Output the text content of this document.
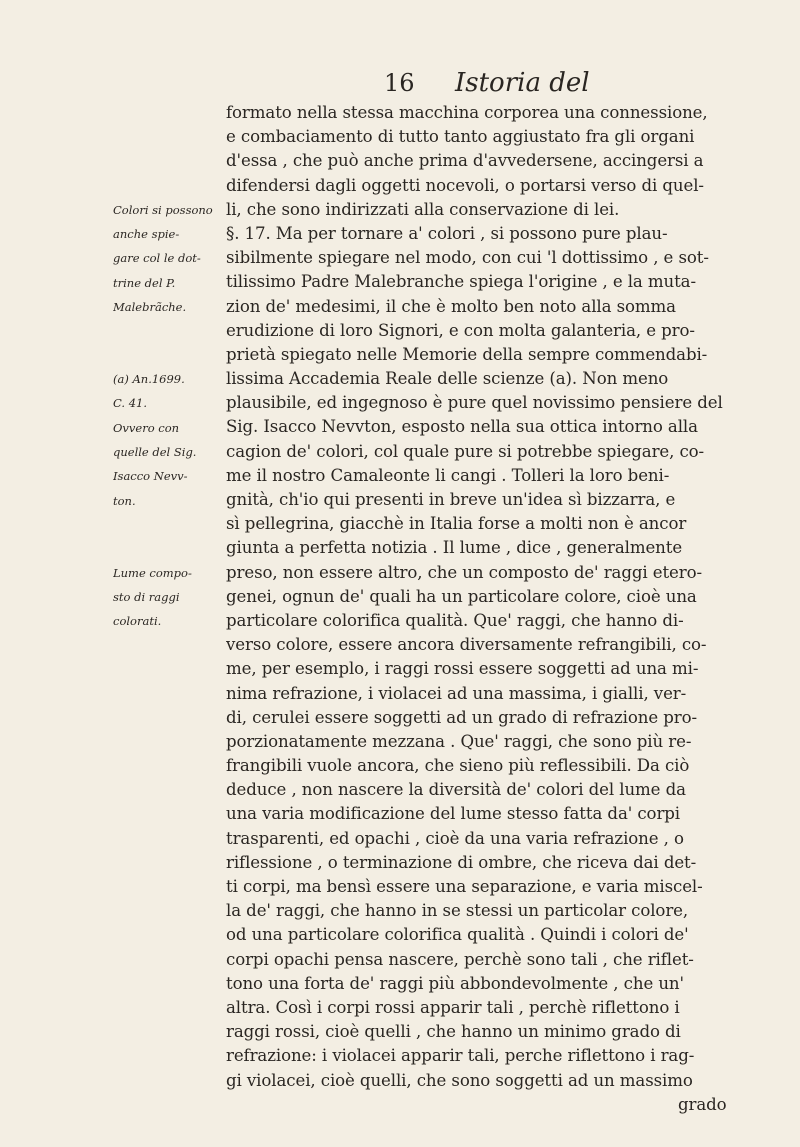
16 Istoria del
formato nella stessa macchina corporea una connessione,
e combaciamento di tutto tanto aggiustato fra gli organi
d'essa , che può anche prima d'avvedersene, accingersi a
difendersi dagli oggetti nocevoli, o portarsi verso di quel-
li, che sono indirizzati alla conservazione di lei.
§. 17. Ma per tornare a' colori , si possono pure plau-
sibilmente spiegare nel modo, con cui 'l dottissimo , e sot-
tilissimo Padre Malebranche spiega l'origine , e la muta-
zion de' medesimi, il che è molto ben noto alla somma
erudizione di loro Signori, e con molta galanteria, e pro-
prietà spiegato nelle Memorie della sempre commendabi-
lissima Accademia Reale delle scienze (a). Non meno
plausibile, ed ingegnoso è pure quel novissimo pensiere del
Sig. Isacco Nevvton, esposto nella sua ottica intorno alla
cagion de' colori, col quale pure si potrebbe spiegare, co-
me il nostro Camaleonte li cangi . Tolleri la loro beni-
gnità, ch'io qui presenti in breve un'idea sì bizzarra, e
sì pellegrina, giacchè in Italia forse a molti non è ancor
giunta a perfetta notizia . Il lume , dice , generalmente
preso, non essere altro, che un composto de' raggi etero-
genei, ognun de' quali ha un particolare colore, cioè una
particolare colorifica qualità. Que' raggi, che hanno di-
verso colore, essere ancora diversamente refrangibili, co-
me, per esemplo, i raggi rossi essere soggetti ad una mi-
nima refrazione, i violacei ad una massima, i gialli, ver-
di, cerulei essere soggetti ad un grado di refrazione pro-
porzionatamente mezzana . Que' raggi, che sono più re-
frangibili vuole ancora, che sieno più reflessibili. Da ciò
deduce , non nascere la diversità de' colori del lume da
una varia modificazione del lume stesso fatta da' corpi
trasparenti, ed opachi , cioè da una varia refrazione , o
riflessione , o terminazione di ombre, che riceva dai det-
ti corpi, ma bensì essere una separazione, e varia miscel-
la de' raggi, che hanno in se stessi un particolar colore,
od una particolare colorifica qualità . Quindi i colori de'
corpi opachi pensa nascere, perchè sono tali , che riflet-
tono una forta de' raggi più abbondevolmente , che un'
altra. Così i corpi rossi apparir tali , perchè riflettono i
raggi rossi, cioè quelli , che hanno un minimo grado di
refrazione: i violacei apparir tali, perche riflettono i rag-
gi violacei, cioè quelli, che sono soggetti ad un massimo
grado
Colori si possono
anche spie-
gare col le dot-
trine del P.
Malebrãche.
(a) An.1699.
C. 41.
Ovvero con
quelle del Sig.
Isacco Nevv-
ton.
Lume compo-
sto di raggi
colorati.
